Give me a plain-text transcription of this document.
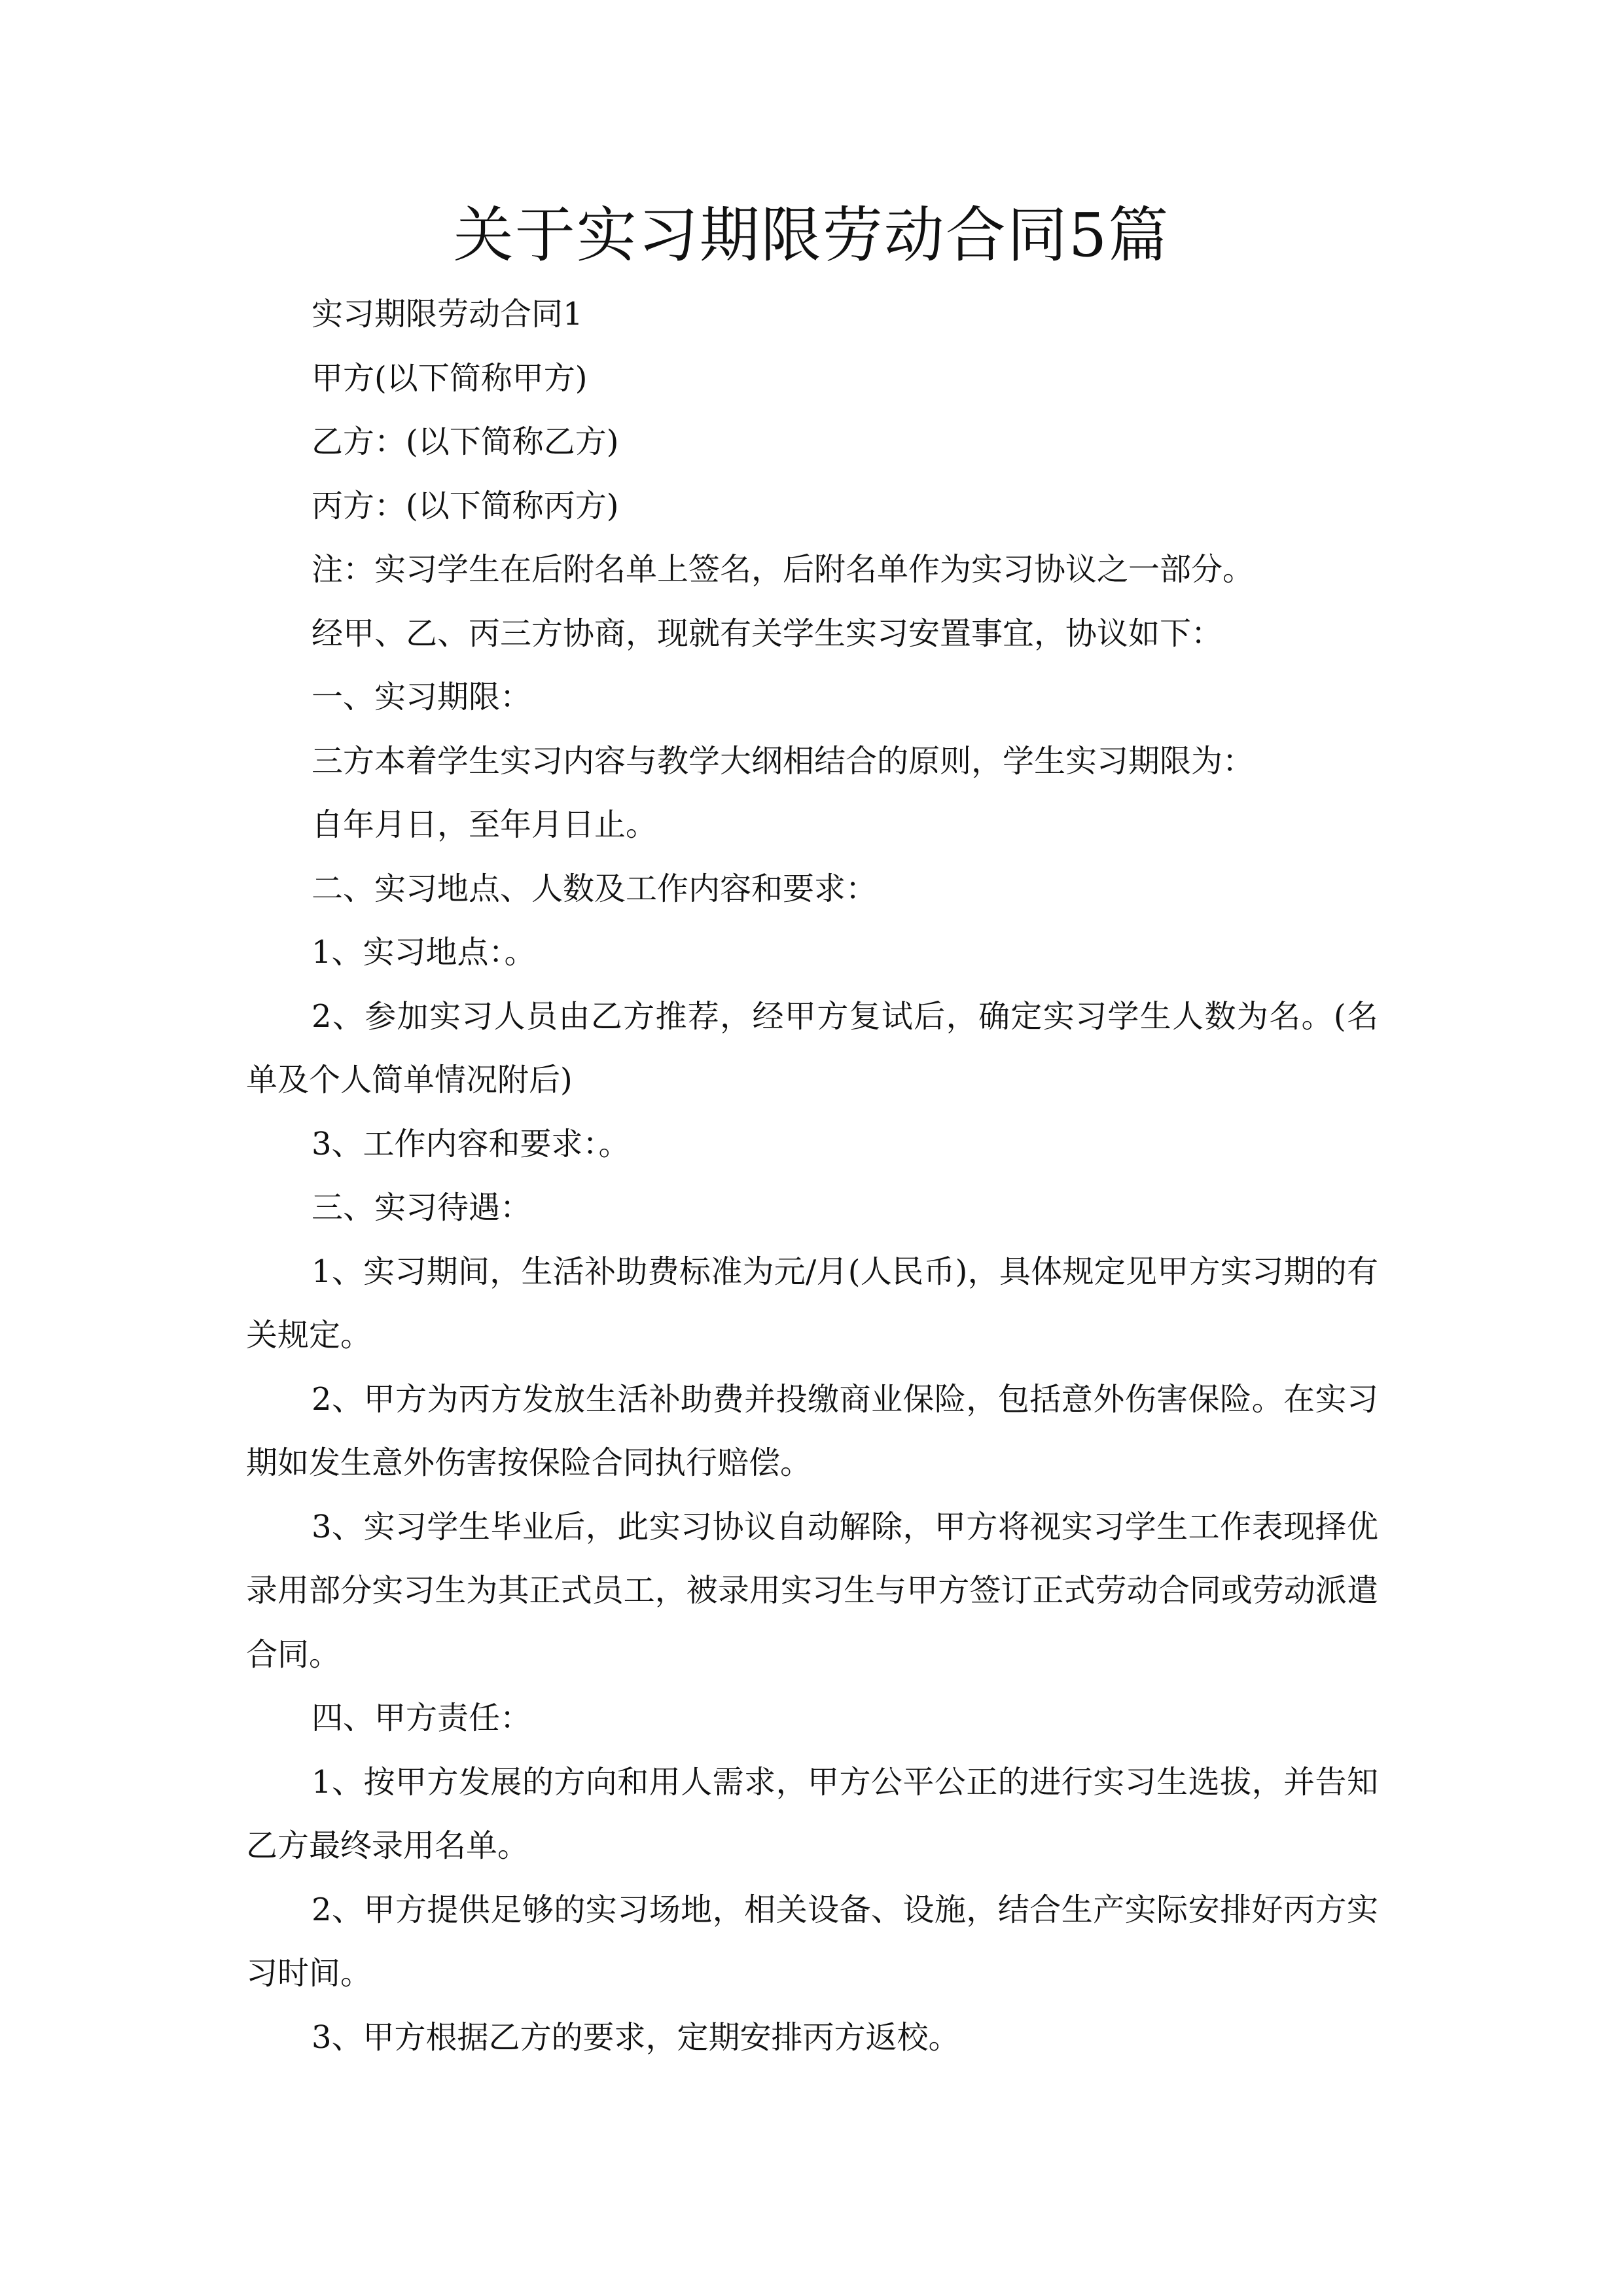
关于实习期限劳动合同5篇

实习期限劳动合同1

甲方(以下简称甲方)

乙方：(以下简称乙方)

丙方：(以下简称丙方)

注：实习学生在后附名单上签名，后附名单作为实习协议之一部分。

经甲、乙、丙三方协商，现就有关学生实习安置事宜，协议如下：

一、实习期限：

三方本着学生实习内容与教学大纲相结合的原则，学生实习期限为：

自年月日，至年月日止。

二、实习地点、人数及工作内容和要求：

1、实习地点：。

2、参加实习人员由乙方推荐，经甲方复试后，确定实习学生人数为名。(名单及个人简单情况附后)

3、工作内容和要求：。

三、实习待遇：

1、实习期间，生活补助费标准为元/月(人民币)，具体规定见甲方实习期的有关规定。

2、甲方为丙方发放生活补助费并投缴商业保险，包括意外伤害保险。在实习期如发生意外伤害按保险合同执行赔偿。

3、实习学生毕业后，此实习协议自动解除，甲方将视实习学生工作表现择优录用部分实习生为其正式员工，被录用实习生与甲方签订正式劳动合同或劳动派遣合同。

四、甲方责任：

1、按甲方发展的方向和用人需求，甲方公平公正的进行实习生选拔，并告知乙方最终录用名单。

2、甲方提供足够的实习场地，相关设备、设施，结合生产实际安排好丙方实习时间。

3、甲方根据乙方的要求，定期安排丙方返校。
